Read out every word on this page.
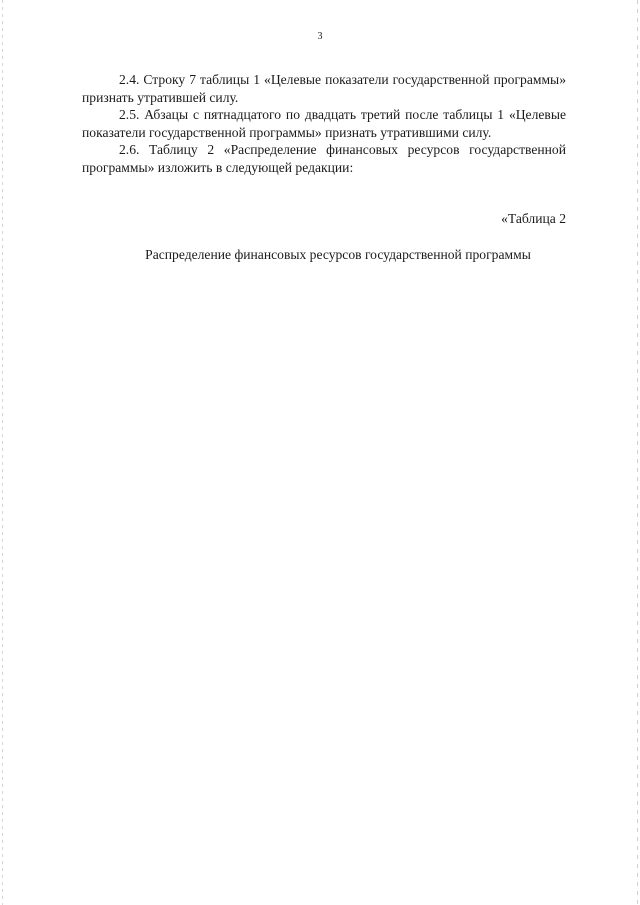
3

2.4. Строку 7 таблицы 1 «Целевые показатели государственной программы» признать утратившей силу.

2.5. Абзацы с пятнадцатого по двадцать третий после таблицы 1 «Целевые показатели государственной программы» признать утратившими силу.

2.6. Таблицу 2 «Распределение финансовых ресурсов государственной программы» изложить в следующей редакции:

«Таблица 2
Распределение финансовых ресурсов государственной программы
